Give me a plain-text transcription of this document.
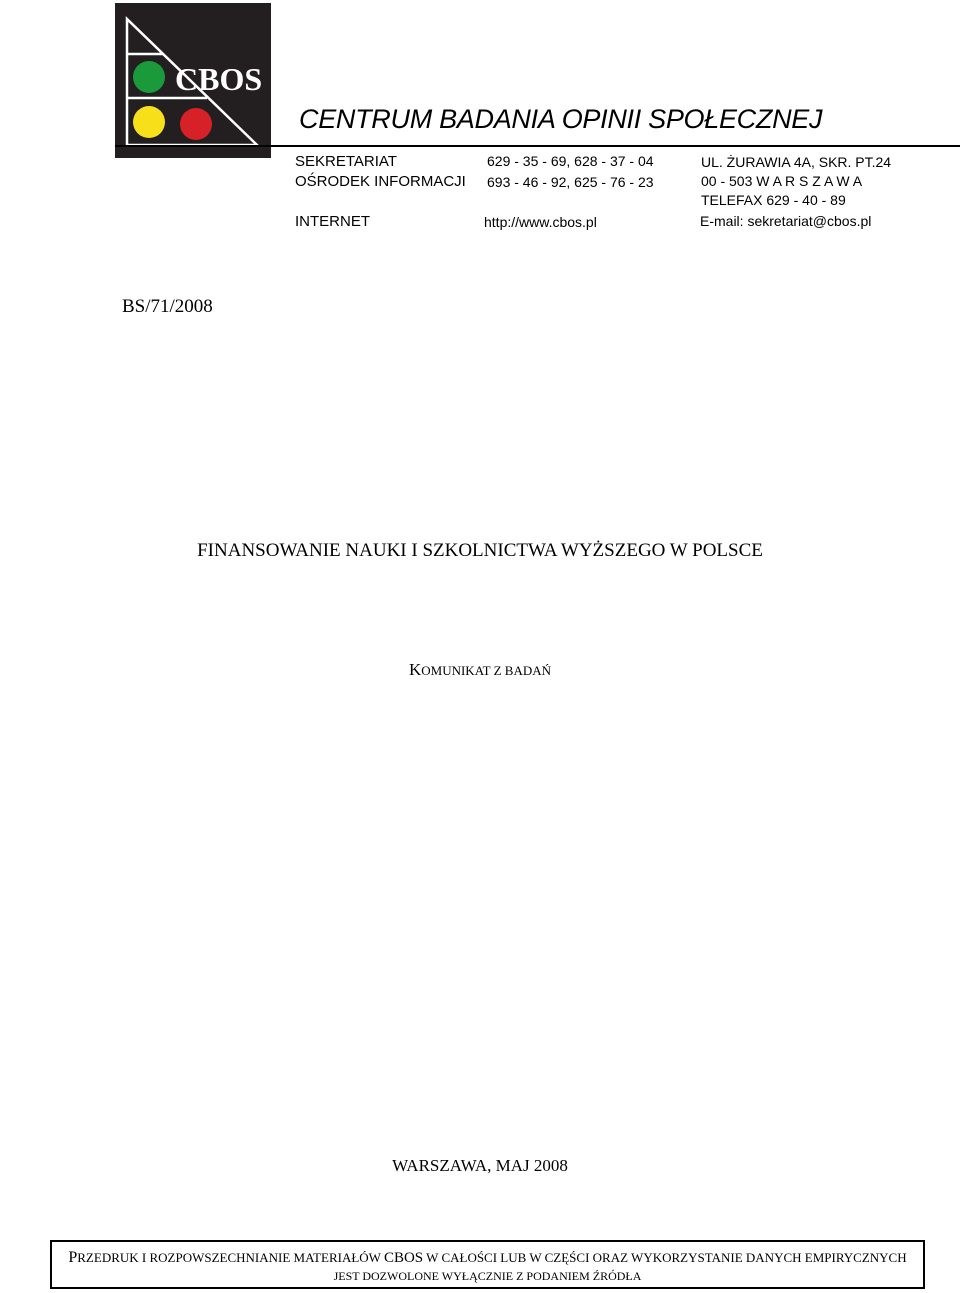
CBOS
CENTRUM BADANIA OPINII SPOŁECZNEJ
SEKRETARIAT	629 - 35 - 69, 628 - 37 - 04
OŚRODEK INFORMACJI 693 - 46 - 92, 625 - 76 - 23
INTERNET	http://www.cbos.pl
UL. ŻURAWIA 4A, SKR. PT.24
00 - 503 W A R S Z A W A
TELEFAX 629 - 40 - 89
E-mail: sekretariat@cbos.pl
BS/71/2008
FINANSOWANIE NAUKI I SZKOLNICTWA WYŻSZEGO W POLSCE
KOMUNIKAT Z BADAŃ
WARSZAWA, MAJ 2008
PRZEDRUK I ROZPOWSZECHNIANIE MATERIAŁÓW CBOS W CAŁOŚCI LUB W CZĘŚCI ORAZ WYKORZYSTANIE DANYCH EMPIRYCZNYCH
JEST DOZWOLONE WYŁĄCZNIE Z PODANIEM ŹRÓDŁA
